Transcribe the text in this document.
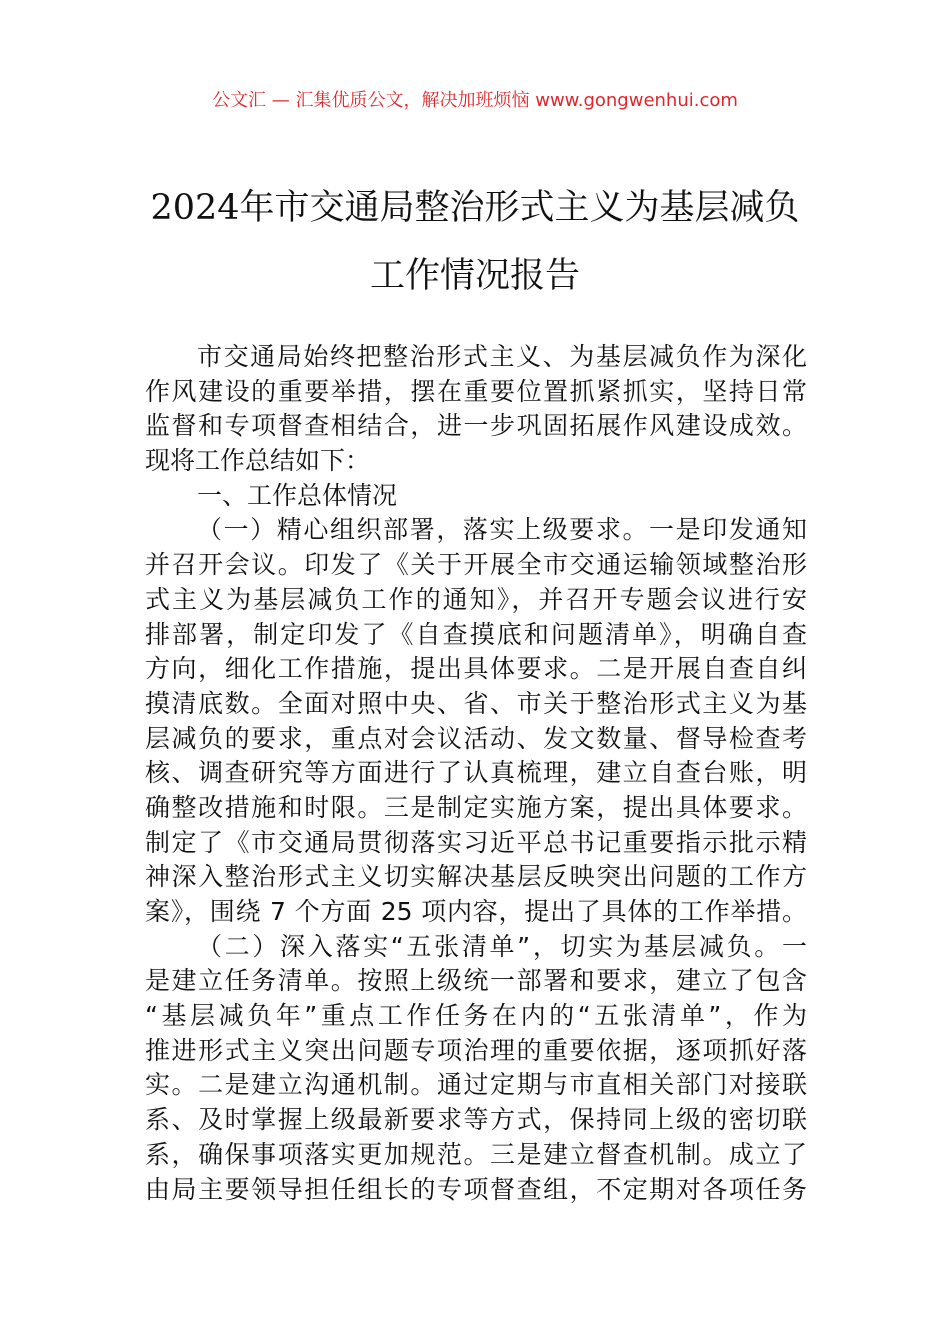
公文汇 — 汇集优质公文，解决加班烦恼 www.gongwenhui.com
2024年市交通局整治形式主义为基层减负
工作情况报告
市交通局始终把整治形式主义、为基层减负作为深化
作风建设的重要举措，摆在重要位置抓紧抓实，坚持日常
监督和专项督查相结合，进一步巩固拓展作风建设成效。
现将工作总结如下：
一、工作总体情况
（一）精心组织部署，落实上级要求。一是印发通知
并召开会议。印发了《关于开展全市交通运输领域整治形
式主义为基层减负工作的通知》，并召开专题会议进行安
排部署，制定印发了《自查摸底和问题清单》，明确自查
方向，细化工作措施，提出具体要求。二是开展自查自纠
摸清底数。全面对照中央、省、市关于整治形式主义为基
层减负的要求，重点对会议活动、发文数量、督导检查考
核、调查研究等方面进行了认真梳理，建立自查台账，明
确整改措施和时限。三是制定实施方案，提出具体要求。
制定了《市交通局贯彻落实习近平总书记重要指示批示精
神深入整治形式主义切实解决基层反映突出问题的工作方
案》，围绕 7 个方面 25 项内容，提出了具体的工作举措。
（二）深入落实“五张清单”，切实为基层减负。一
是建立任务清单。按照上级统一部署和要求，建立了包含
“基层减负年”重点工作任务在内的“五张清单”，作为
推进形式主义突出问题专项治理的重要依据，逐项抓好落
实。二是建立沟通机制。通过定期与市直相关部门对接联
系、及时掌握上级最新要求等方式，保持同上级的密切联
系，确保事项落实更加规范。三是建立督查机制。成立了
由局主要领导担任组长的专项督查组，不定期对各项任务
